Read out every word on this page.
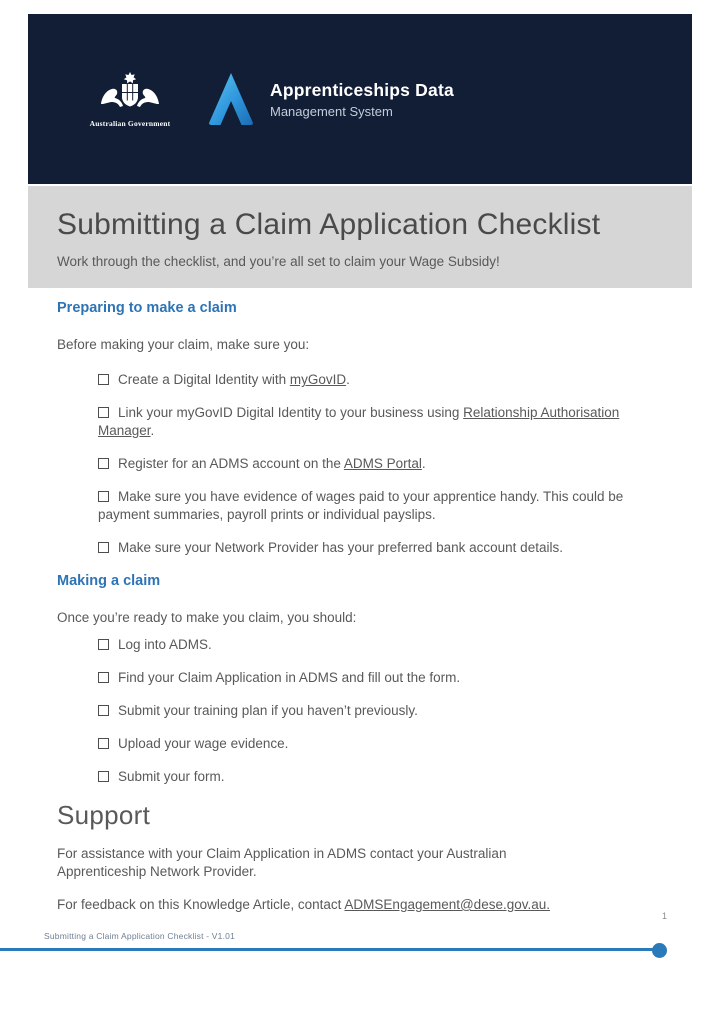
Australian Government
Apprenticeships Data
Management System
Submitting a Claim Application Checklist

Work through the checklist, and you’re all set to claim your Wage Subsidy!

Preparing to make a claim

Before making your claim, make sure you:

Create a Digital Identity with myGovID.
Link your myGovID Digital Identity to your business using Relationship Authorisation Manager.
Register for an ADMS account on the ADMS Portal.
Make sure you have evidence of wages paid to your apprentice handy. This could be payment summaries, payroll prints or individual payslips.
Make sure your Network Provider has your preferred bank account details.
Making a claim

Once you’re ready to make you claim, you should:

Log into ADMS.
Find your Claim Application in ADMS and fill out the form.
Submit your training plan if you haven’t previously.
Upload your wage evidence.
Submit your form.
Support

For assistance with your Claim Application in ADMS contact your Australian Apprenticeship Network Provider.

For feedback on this Knowledge Article, contact ADMSEngagement@dese.gov.au.

1
Submitting a Claim Application Checklist - V1.01
